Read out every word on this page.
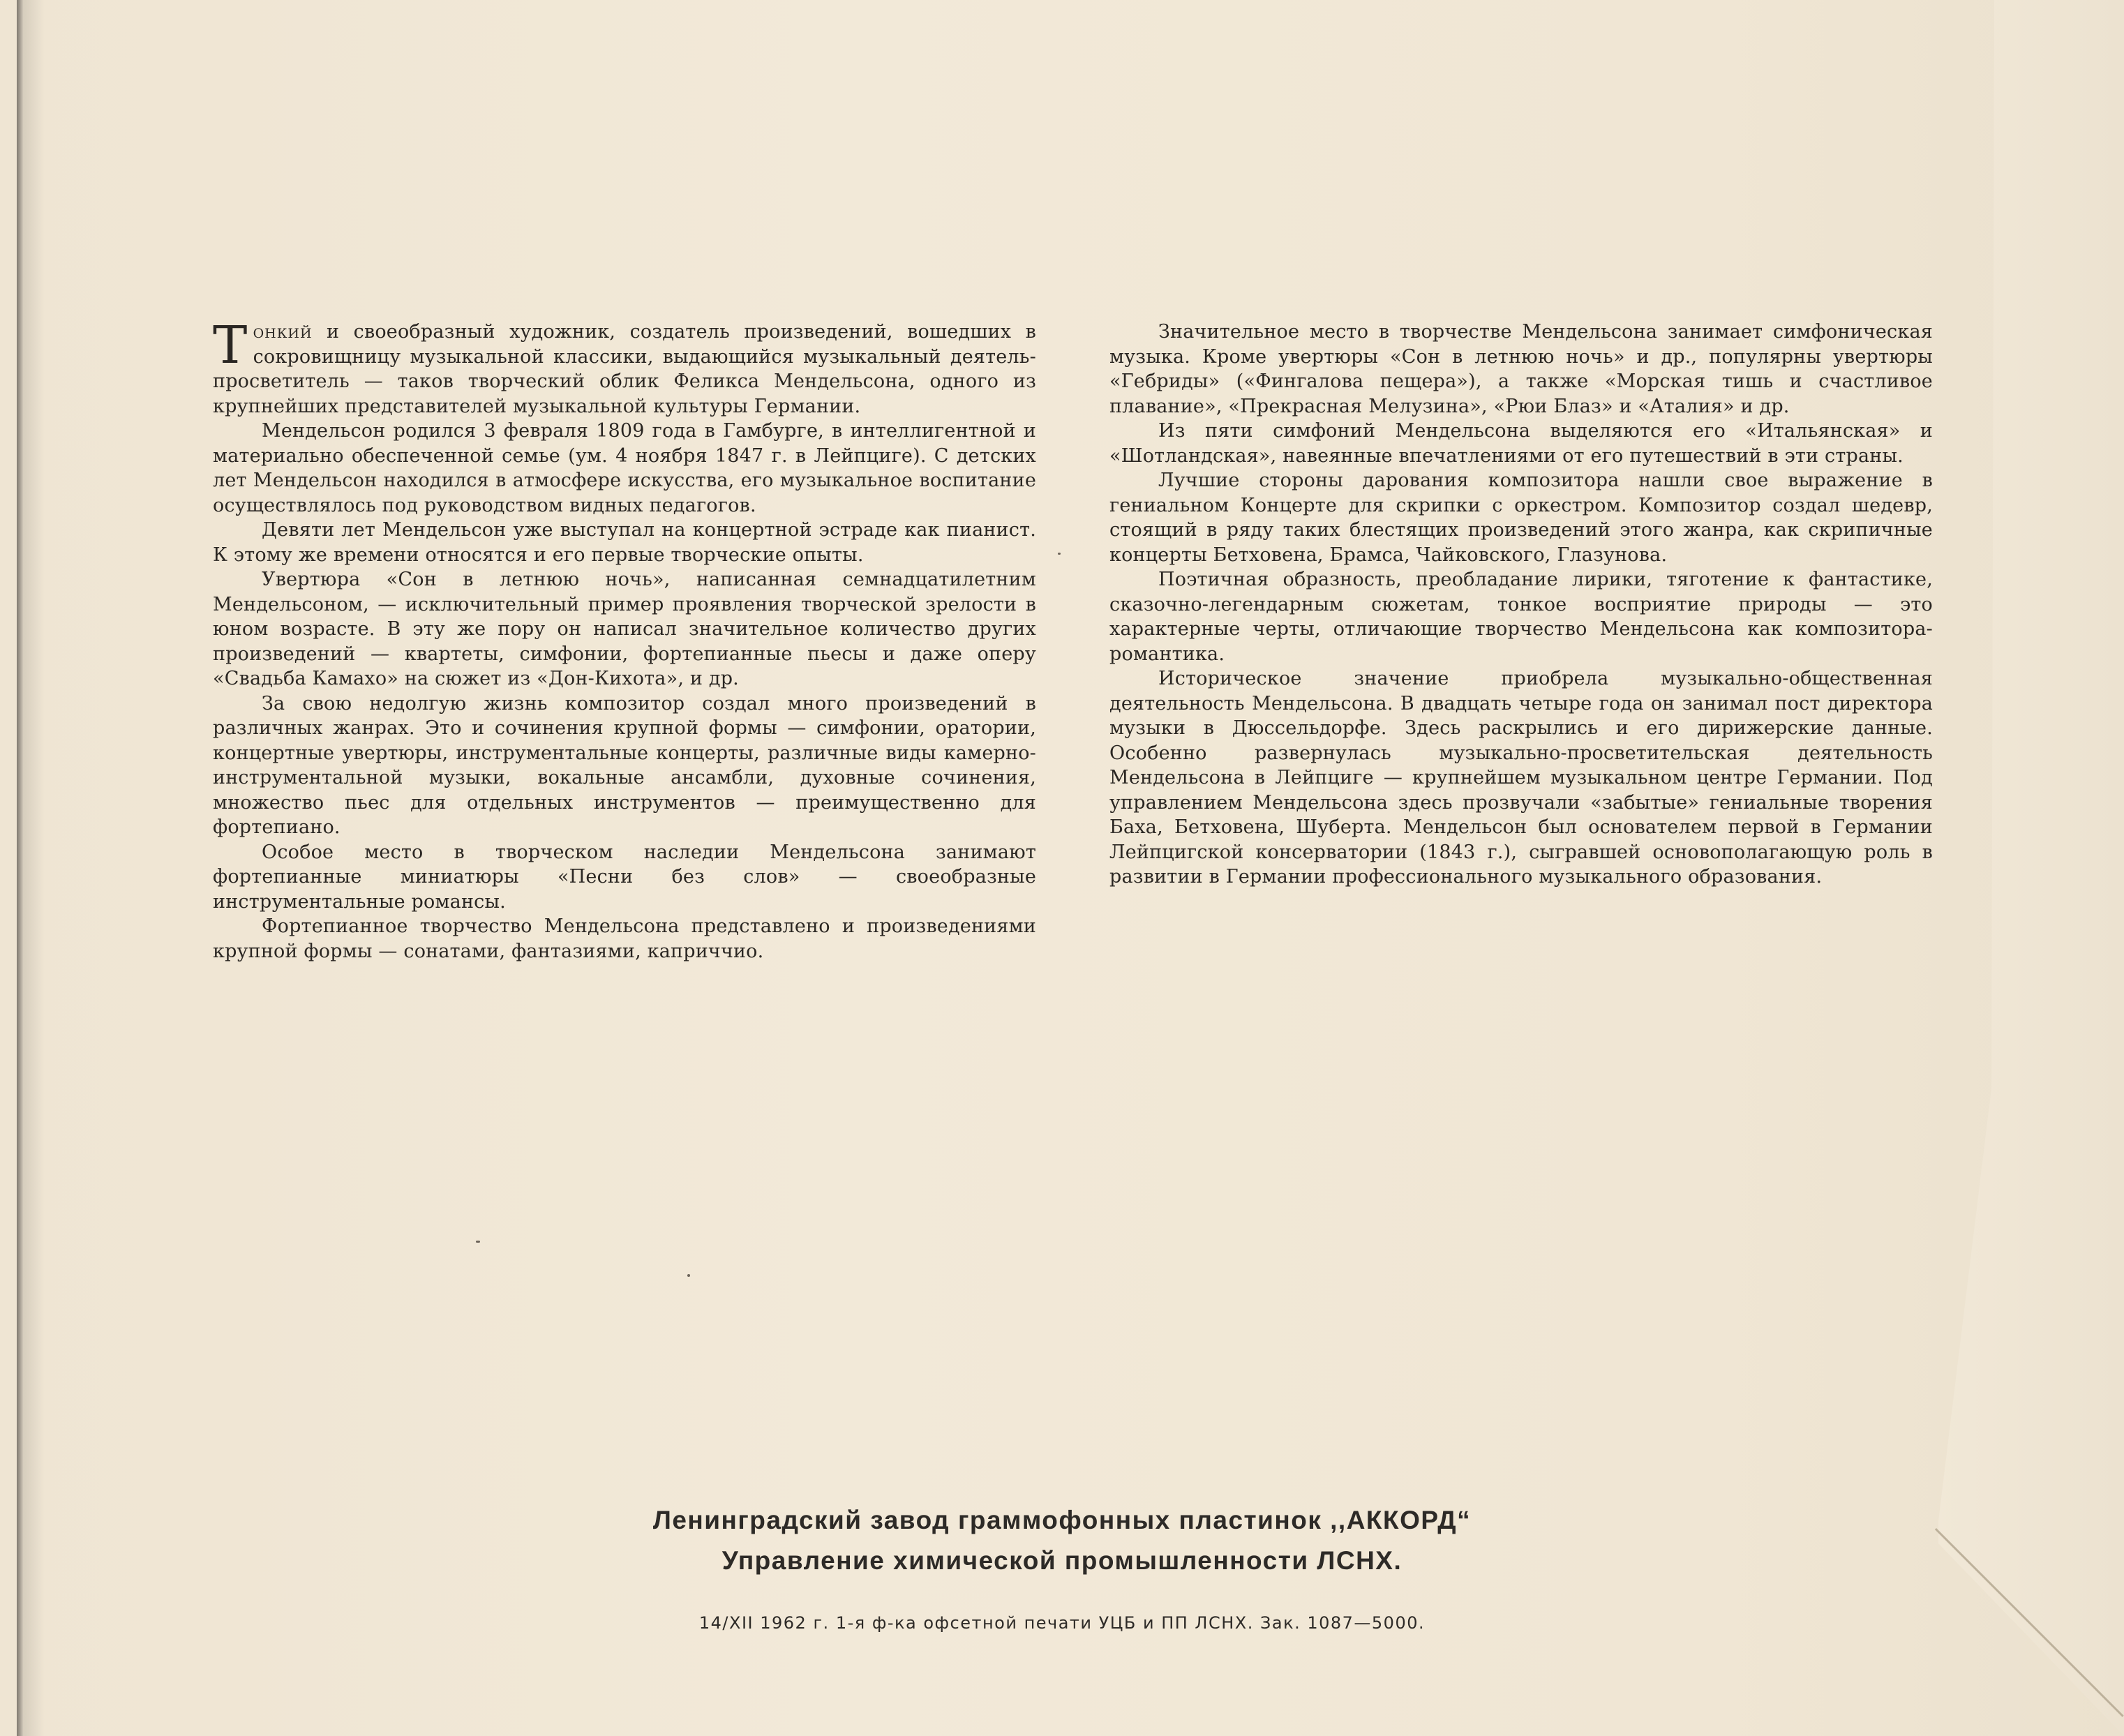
Тонкий и своеобразный художник, создатель произведений, вошедших в сокровищницу музыкальной классики, выдающийся музыкальный деятель-просветитель — таков творческий облик Феликса Мендельсона, одного из крупнейших представителей музыкальной культуры Германии.

Мендельсон родился 3 февраля 1809 года в Гамбурге, в интеллигентной и материально обеспеченной семье (ум. 4 ноября 1847 г. в Лейпциге). С детских лет Мендельсон находился в атмосфере искусства, его музыкальное воспитание осуществлялось под руководством видных педагогов.

Девяти лет Мендельсон уже выступал на концертной эстраде как пианист. К этому же времени относятся и его первые творческие опыты.

Увертюра «Сон в летнюю ночь», написанная семнадцатилетним Мендельсоном, — исключительный пример проявления творческой зрелости в юном возрасте. В эту же пору он написал значительное количество других произведений — квартеты, симфонии, фортепианные пьесы и даже оперу «Свадьба Камахо» на сюжет из «Дон-Кихота», и др.

За свою недолгую жизнь композитор создал много произведений в различных жанрах. Это и сочинения крупной формы — симфонии, оратории, концертные увертюры, инструментальные концерты, различные виды камерно-инструментальной музыки, вокальные ансамбли, духовные сочинения, множество пьес для отдельных инструментов — преимущественно для фортепиано.

Особое место в творческом наследии Мендельсона занимают фортепианные миниатюры «Песни без слов» — своеобразные инструментальные романсы.

Фортепианное творчество Мендельсона представлено и произведениями крупной формы — сонатами, фантазиями, каприччио.

Значительное место в творчестве Мендельсона занимает симфоническая музыка. Кроме увертюры «Сон в летнюю ночь» и др., популярны увертюры «Гебриды» («Фингалова пещера»), а также «Морская тишь и счастливое плавание», «Прекрасная Мелузина», «Рюи Блаз» и «Аталия» и др.

Из пяти симфоний Мендельсона выделяются его «Итальянская» и «Шотландская», навеянные впечатлениями от его путешествий в эти страны.

Лучшие стороны дарования композитора нашли свое выражение в гениальном Концерте для скрипки с оркестром. Композитор создал шедевр, стоящий в ряду таких блестящих произведений этого жанра, как скрипичные концерты Бетховена, Брамса, Чайковского, Глазунова.

Поэтичная образность, преобладание лирики, тяготение к фантастике, сказочно-легендарным сюжетам, тонкое восприятие природы — это характерные черты, отличающие творчество Мендельсона как композитора-романтика.

Историческое значение приобрела музыкально-общественная деятельность Мендельсона. В двадцать четыре года он занимал пост директора музыки в Дюссельдорфе. Здесь раскрылись и его дирижерские данные. Особенно развернулась музыкально-просветительская деятельность Мендельсона в Лейпциге — крупнейшем музыкальном центре Германии. Под управлением Мендельсона здесь прозвучали «забытые» гениальные творения Баха, Бетховена, Шуберта. Мендельсон был основателем первой в Германии Лейпцигской консерватории (1843 г.), сыгравшей основополагающую роль в развитии в Германии профессионального музыкального образования.

Ленинградский завод граммофонных пластинок ,,АККОРД“
Управление химической промышленности ЛСНХ.
14/XII 1962 г. 1-я ф-ка офсетной печати УЦБ и ПП ЛСНХ. Зак. 1087—5000.
